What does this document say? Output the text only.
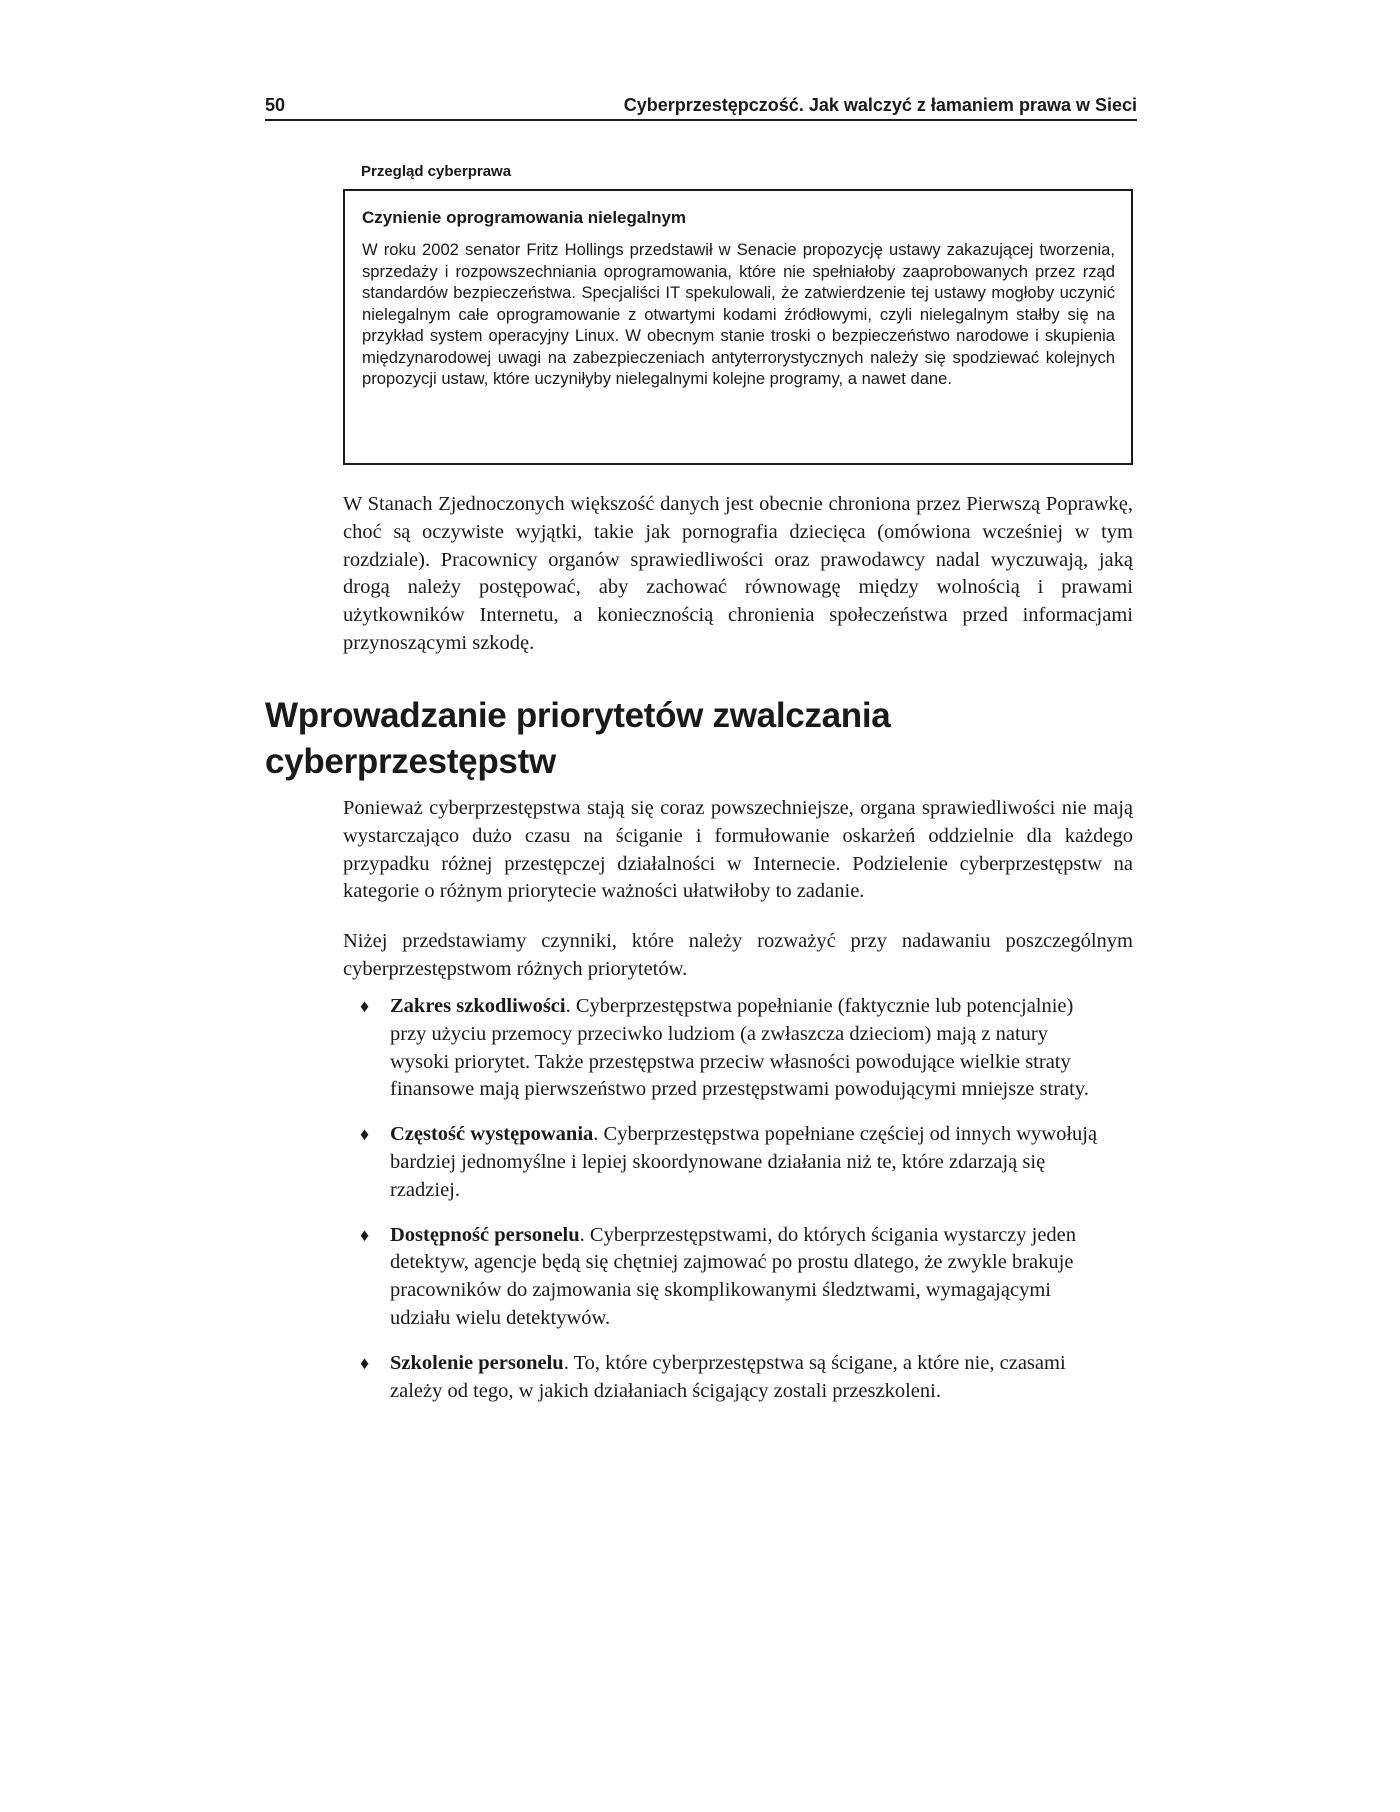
50	Cyberprzestępczość. Jak walczyć z łamaniem prawa w Sieci
Przegląd cyberprawa
Czynienie oprogramowania nielegalnym
W roku 2002 senator Fritz Hollings przedstawił w Senacie propozycję ustawy zakazującej tworzenia, sprzedaży i rozpowszechniania oprogramowania, które nie spełniałoby zaaprobowanych przez rząd standardów bezpieczeństwa. Specjaliści IT spekulowali, że zatwierdzenie tej ustawy mogłoby uczynić nielegalnym całe oprogramowanie z otwartymi kodami źródłowymi, czyli nielegalnym stałby się na przykład system operacyjny Linux. W obecnym stanie troski o bezpieczeństwo narodowe i skupienia międzynarodowej uwagi na zabezpieczeniach antyterrorystycznych należy się spodziewać kolejnych propozycji ustaw, które uczyniłyby nielegalnymi kolejne programy, a nawet dane.
W Stanach Zjednoczonych większość danych jest obecnie chroniona przez Pierwszą Poprawkę, choć są oczywiste wyjątki, takie jak pornografia dziecięca (omówiona wcześniej w tym rozdziale). Pracownicy organów sprawiedliwości oraz prawodawcy nadal wyczuwają, jaką drogą należy postępować, aby zachować równowagę między wolnością i prawami użytkowników Internetu, a koniecznością chronienia społeczeństwa przed informacjami przynoszącymi szkodę.
Wprowadzanie priorytetów zwalczania cyberprzestępstw
Ponieważ cyberprzestępstwa stają się coraz powszechniejsze, organa sprawiedliwości nie mają wystarczająco dużo czasu na ściganie i formułowanie oskarżeń oddzielnie dla każdego przypadku różnej przestępczej działalności w Internecie. Podzielenie cyberprzestępstw na kategorie o różnym priorytecie ważności ułatwiłoby to zadanie.
Niżej przedstawiamy czynniki, które należy rozważyć przy nadawaniu poszczególnym cyberprzestępstwom różnych priorytetów.
♦ Zakres szkodliwości. Cyberprzestępstwa popełnianie (faktycznie lub potencjalnie) przy użyciu przemocy przeciwko ludziom (a zwłaszcza dzieciom) mają z natury wysoki priorytet. Także przestępstwa przeciw własności powodujące wielkie straty finansowe mają pierwszeństwo przed przestępstwami powodującymi mniejsze straty.
♦ Częstość występowania. Cyberprzestępstwa popełniane częściej od innych wywołują bardziej jednomyślne i lepiej skoordynowane działania niż te, które zdarzają się rzadziej.
♦ Dostępność personelu. Cyberprzestępstwami, do których ścigania wystarczy jeden detektyw, agencje będą się chętniej zajmować po prostu dlatego, że zwykle brakuje pracowników do zajmowania się skomplikowanymi śledztwami, wymagającymi udziału wielu detektywów.
♦ Szkolenie personelu. To, które cyberprzestępstwa są ścigane, a które nie, czasami zależy od tego, w jakich działaniach ścigający zostali przeszkoleni.
